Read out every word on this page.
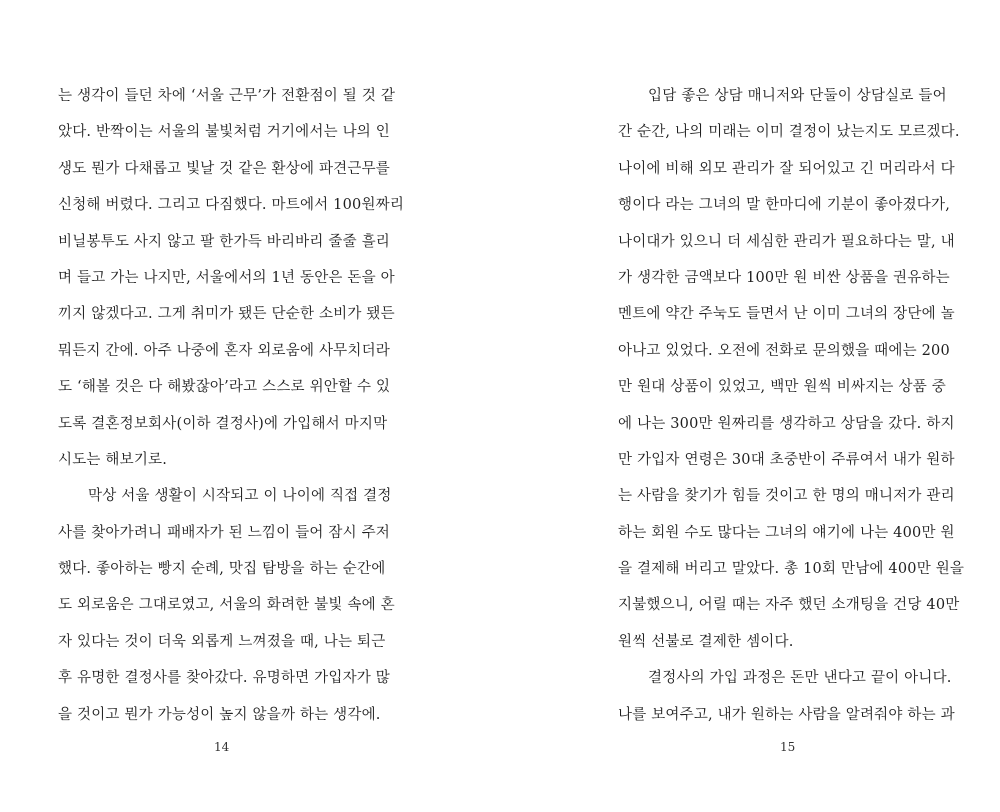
는 생각이 들던 차에 ‘서울 근무’가 전환점이 될 것 같
았다. 반짝이는 서울의 불빛처럼 거기에서는 나의 인
생도 뭔가 다채롭고 빛날 것 같은 환상에 파견근무를
신청해 버렸다. 그리고 다짐했다. 마트에서 100원짜리
비닐봉투도 사지 않고 팔 한가득 바리바리 줄줄 흘리
며 들고 가는 나지만, 서울에서의 1년 동안은 돈을 아
끼지 않겠다고. 그게 취미가 됐든 단순한 소비가 됐든
뭐든지 간에. 아주 나중에 혼자 외로움에 사무치더라
도 ‘해볼 것은 다 해봤잖아’라고 스스로 위안할 수 있
도록 결혼정보회사(이하 결정사)에 가입해서 마지막
시도는 해보기로.
막상 서울 생활이 시작되고 이 나이에 직접 결정
사를 찾아가려니 패배자가 된 느낌이 들어 잠시 주저
했다. 좋아하는 빵지 순례, 맛집 탐방을 하는 순간에
도 외로움은 그대로였고, 서울의 화려한 불빛 속에 혼
자 있다는 것이 더욱 외롭게 느껴졌을 때, 나는 퇴근
후 유명한 결정사를 찾아갔다. 유명하면 가입자가 많
을 것이고 뭔가 가능성이 높지 않을까 하는 생각에.
14
입담 좋은 상담 매니저와 단둘이 상담실로 들어
간 순간, 나의 미래는 이미 결정이 났는지도 모르겠다.
나이에 비해 외모 관리가 잘 되어있고 긴 머리라서 다
행이다 라는 그녀의 말 한마디에 기분이 좋아졌다가,
나이대가 있으니 더 세심한 관리가 필요하다는 말, 내
가 생각한 금액보다 100만 원 비싼 상품을 권유하는
멘트에 약간 주눅도 들면서 난 이미 그녀의 장단에 놀
아나고 있었다. 오전에 전화로 문의했을 때에는 200
만 원대 상품이 있었고, 백만 원씩 비싸지는 상품 중
에 나는 300만 원짜리를 생각하고 상담을 갔다. 하지
만 가입자 연령은 30대 초중반이 주류여서 내가 원하
는 사람을 찾기가 힘들 것이고 한 명의 매니저가 관리
하는 회원 수도 많다는 그녀의 얘기에 나는 400만 원
을 결제해 버리고 말았다. 총 10회 만남에 400만 원을
지불했으니, 어릴 때는 자주 했던 소개팅을 건당 40만
원씩 선불로 결제한 셈이다.
결정사의 가입 과정은 돈만 낸다고 끝이 아니다.
나를 보여주고, 내가 원하는 사람을 알려줘야 하는 과
15
